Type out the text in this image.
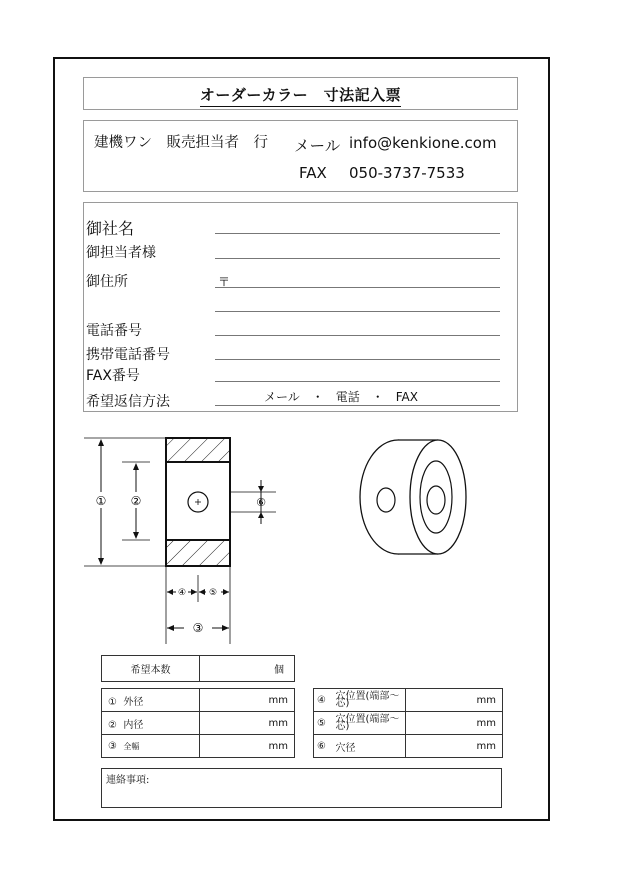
オーダーカラー　寸法記入票
建機ワン　販売担当者　行 メール info@kenkione.com
FAX 050-3737-7533
御社名
御担当者様
御住所	〒
電話番号
携帯電話番号
FAX番号
希望返信方法	メール　・　電話　・　FAX
① ②
③
④	⑤
⑥
希望本数	個
① 外径	mm
② 内径	mm
③ 全幅	mm
④	穴位置(端部～芯)	mm
⑤	穴位置(端部～芯)	mm
⑥	穴径	mm
連絡事項:
